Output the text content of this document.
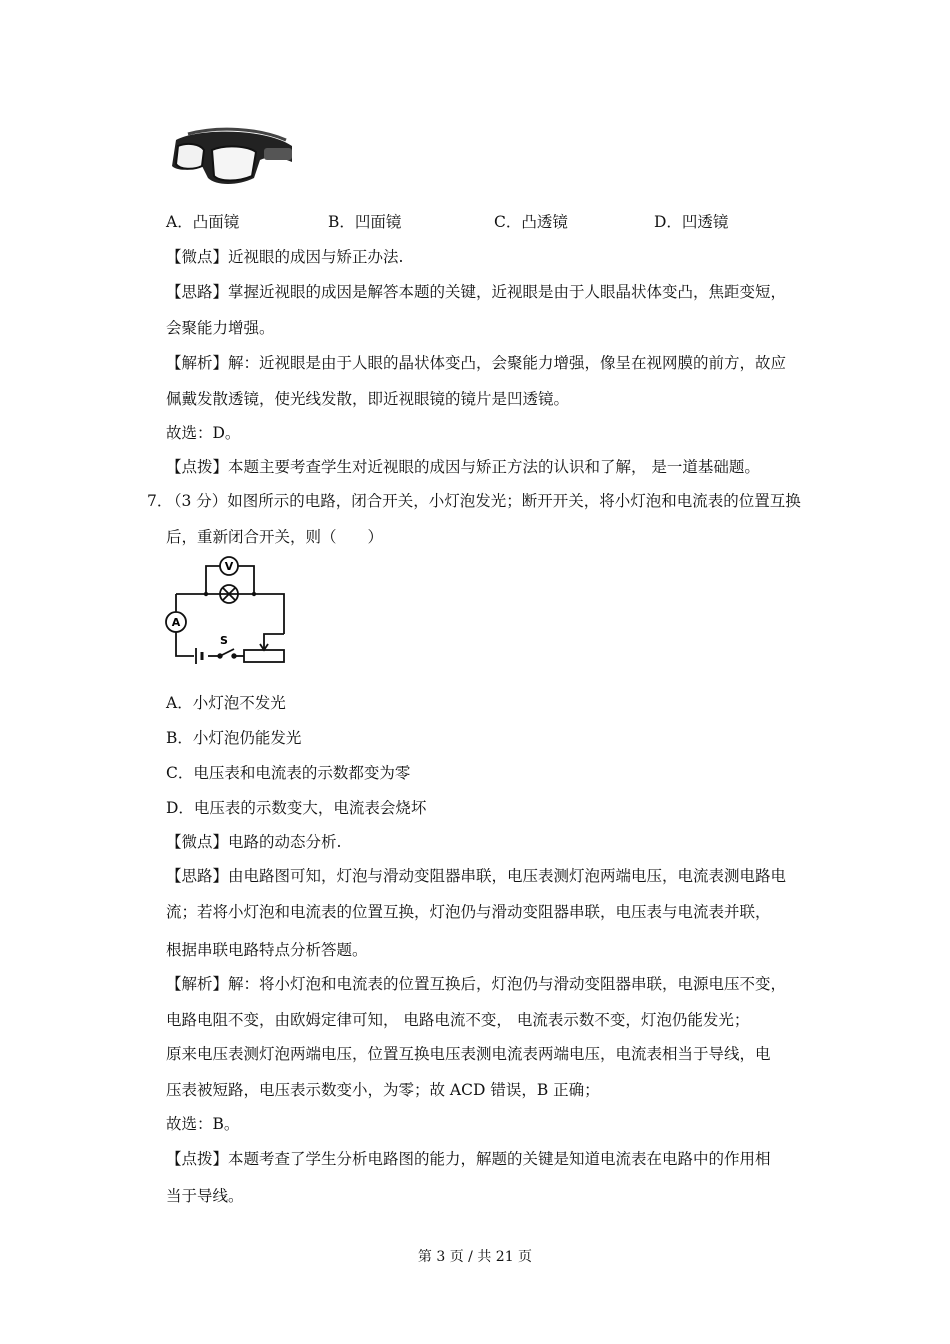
A．凸面镜	B．凹面镜	C．凸透镜	D．凹透镜
【微点】近视眼的成因与矫正办法.
【思路】掌握近视眼的成因是解答本题的关键，近视眼是由于人眼晶状体变凸，焦距变短，
会聚能力增强。
【解析】解：近视眼是由于人眼的晶状体变凸，会聚能力增强，像呈在视网膜的前方，故应
佩戴发散透镜，使光线发散，即近视眼镜的镜片是凹透镜。
故选：D。
【点拨】本题主要考查学生对近视眼的成因与矫正方法的认识和了解， 是一道基础题。
7．
（3 分）如图所示的电路，闭合开关，小灯泡发光；断开开关，将小灯泡和电流表的位置互换
后，重新闭合开关，则（　　）
V
A
S
A．小灯泡不发光
B．小灯泡仍能发光
C．电压表和电流表的示数都变为零
D．电压表的示数变大，电流表会烧坏
【微点】电路的动态分析.
【思路】由电路图可知，灯泡与滑动变阻器串联，电压表测灯泡两端电压，电流表测电路电
流；若将小灯泡和电流表的位置互换，灯泡仍与滑动变阻器串联，电压表与电流表并联，
根据串联电路特点分析答题。
【解析】解：将小灯泡和电流表的位置互换后，灯泡仍与滑动变阻器串联，电源电压不变，
电路电阻不变，由欧姆定律可知， 电路电流不变， 电流表示数不变，灯泡仍能发光；
原来电压表测灯泡两端电压，位置互换电压表测电流表两端电压，电流表相当于导线，电
压表被短路，电压表示数变小，为零；故 ACD 错误，B 正确；
故选：B。
【点拨】本题考查了学生分析电路图的能力，解题的关键是知道电流表在电路中的作用相
当于导线。
第 3 页 / 共 21 页
